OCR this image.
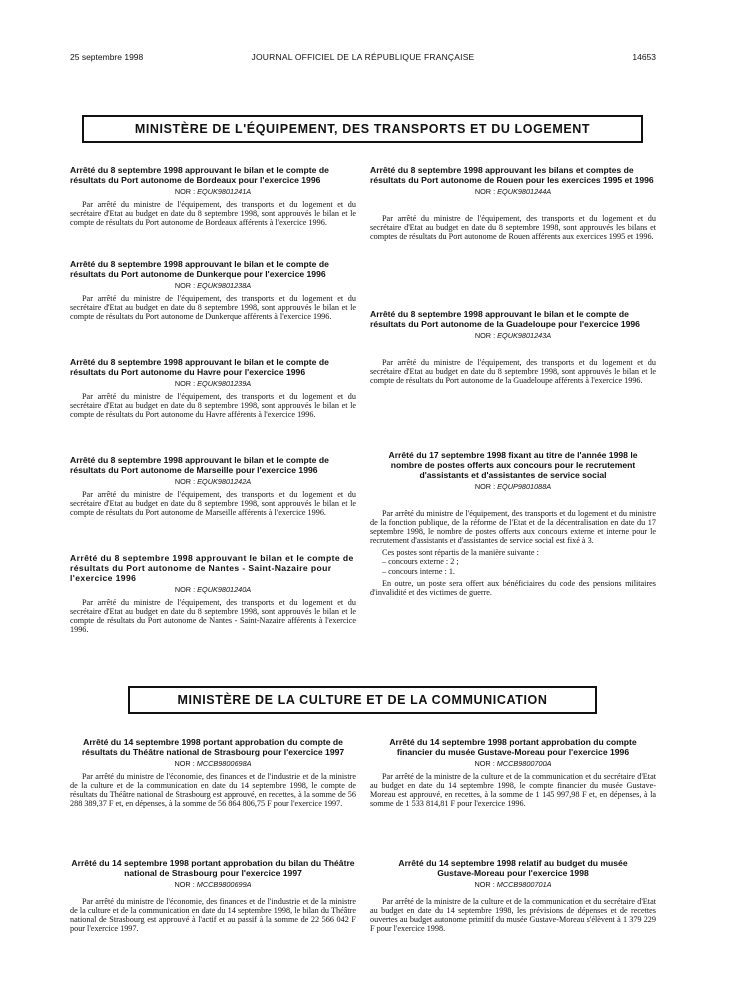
25 septembre 1998	JOURNAL OFFICIEL DE LA RÉPUBLIQUE FRANÇAISE	14653
MINISTÈRE DE L'ÉQUIPEMENT, DES TRANSPORTS ET DU LOGEMENT
Arrêté du 8 septembre 1998 approuvant le bilan et le compte de résultats du Port autonome de Bordeaux pour l'exercice 1996
NOR : EQUK9801241A

Par arrêté du ministre de l'équipement, des transports et du logement et du secrétaire d'Etat au budget en date du 8 septembre 1998, sont approuvés le bilan et le compte de résultats du Port autonome de Bordeaux afférents à l'exercice 1996.

Arrêté du 8 septembre 1998 approuvant le bilan et le compte de résultats du Port autonome de Dunkerque pour l'exercice 1996
NOR : EQUK9801238A

Par arrêté du ministre de l'équipement, des transports et du logement et du secrétaire d'Etat au budget en date du 8 septembre 1998, sont approuvés le bilan et le compte de résultats du Port autonome de Dunkerque afférents à l'exercice 1996.

Arrêté du 8 septembre 1998 approuvant le bilan et le compte de résultats du Port autonome du Havre pour l'exercice 1996
NOR : EQUK9801239A

Par arrêté du ministre de l'équipement, des transports et du logement et du secrétaire d'Etat au budget en date du 8 septembre 1998, sont approuvés le bilan et le compte de résultats du Port autonome du Havre afférents à l'exercice 1996.

Arrêté du 8 septembre 1998 approuvant le bilan et le compte de résultats du Port autonome de Marseille pour l'exercice 1996
NOR : EQUK9801242A

Par arrêté du ministre de l'équipement, des transports et du logement et du secrétaire d'Etat au budget en date du 8 septembre 1998, sont approuvés le bilan et le compte de résultats du Port autonome de Marseille afférents à l'exercice 1996.

Arrêté du 8 septembre 1998 approuvant le bilan et le compte de résultats du Port autonome de Nantes - Saint-Nazaire pour l'exercice 1996
NOR : EQUK9801240A

Par arrêté du ministre de l'équipement, des transports et du logement et du secrétaire d'Etat au budget en date du 8 septembre 1998, sont approuvés le bilan et le compte de résultats du Port autonome de Nantes - Saint-Nazaire afférents à l'exercice 1996.

Arrêté du 8 septembre 1998 approuvant les bilans et comptes de résultats du Port autonome de Rouen pour les exercices 1995 et 1996
NOR : EQUK9801244A

Par arrêté du ministre de l'équipement, des transports et du logement et du secrétaire d'Etat au budget en date du 8 septembre 1998, sont approuvés les bilans et comptes de résultats du Port autonome de Rouen afférents aux exercices 1995 et 1996.

Arrêté du 8 septembre 1998 approuvant le bilan et le compte de résultats du Port autonome de la Guadeloupe pour l'exercice 1996
NOR : EQUK9801243A

Par arrêté du ministre de l'équipement, des transports et du logement et du secrétaire d'Etat au budget en date du 8 septembre 1998, sont approuvés le bilan et le compte de résultats du Port autonome de la Guadeloupe afférents à l'exercice 1996.

Arrêté du 17 septembre 1998 fixant au titre de l'année 1998 le nombre de postes offerts aux concours pour le recrutement d'assistants et d'assistantes de service social
NOR : EQUP9801088A

Par arrêté du ministre de l'équipement, des transports et du logement et du ministre de la fonction publique, de la réforme de l'Etat et de la décentralisation en date du 17 septembre 1998, le nombre de postes offerts aux concours externe et interne pour le recrutement d'assistants et d'assistantes de service social est fixé à 3.

Ces postes sont répartis de la manière suivante :

– concours externe : 2 ;

– concours interne : 1.

En outre, un poste sera offert aux bénéficiaires du code des pensions militaires d'invalidité et des victimes de guerre.

MINISTÈRE DE LA CULTURE ET DE LA COMMUNICATION
Arrêté du 14 septembre 1998 portant approbation du compte de résultats du Théâtre national de Strasbourg pour l'exercice 1997
NOR : MCCB9800698A

Par arrêté du ministre de l'économie, des finances et de l'industrie et de la ministre de la culture et de la communication en date du 14 septembre 1998, le compte de résultats du Théâtre national de Strasbourg est approuvé, en recettes, à la somme de 56 288 389,37 F et, en dépenses, à la somme de 56 864 806,75 F pour l'exercice 1997.

Arrêté du 14 septembre 1998 portant approbation du bilan du Théâtre national de Strasbourg pour l'exercice 1997
NOR : MCCB9800699A

Par arrêté du ministre de l'économie, des finances et de l'industrie et de la ministre de la culture et de la communication en date du 14 septembre 1998, le bilan du Théâtre national de Strasbourg est approuvé à l'actif et au passif à la somme de 22 566 042 F pour l'exercice 1997.

Arrêté du 14 septembre 1998 portant approbation du compte financier du musée Gustave-Moreau pour l'exercice 1996
NOR : MCCB9800700A

Par arrêté de la ministre de la culture et de la communication et du secrétaire d'Etat au budget en date du 14 septembre 1998, le compte financier du musée Gustave-Moreau est approuvé, en recettes, à la somme de 1 145 997,98 F et, en dépenses, à la somme de 1 533 814,81 F pour l'exercice 1996.

Arrêté du 14 septembre 1998 relatif au budget du musée Gustave-Moreau pour l'exercice 1998
NOR : MCCB9800701A

Par arrêté de la ministre de la culture et de la communication et du secrétaire d'Etat au budget en date du 14 septembre 1998, les prévisions de dépenses et de recettes ouvertes au budget autonome primitif du musée Gustave-Moreau s'élèvent à 1 379 229 F pour l'exercice 1998.
